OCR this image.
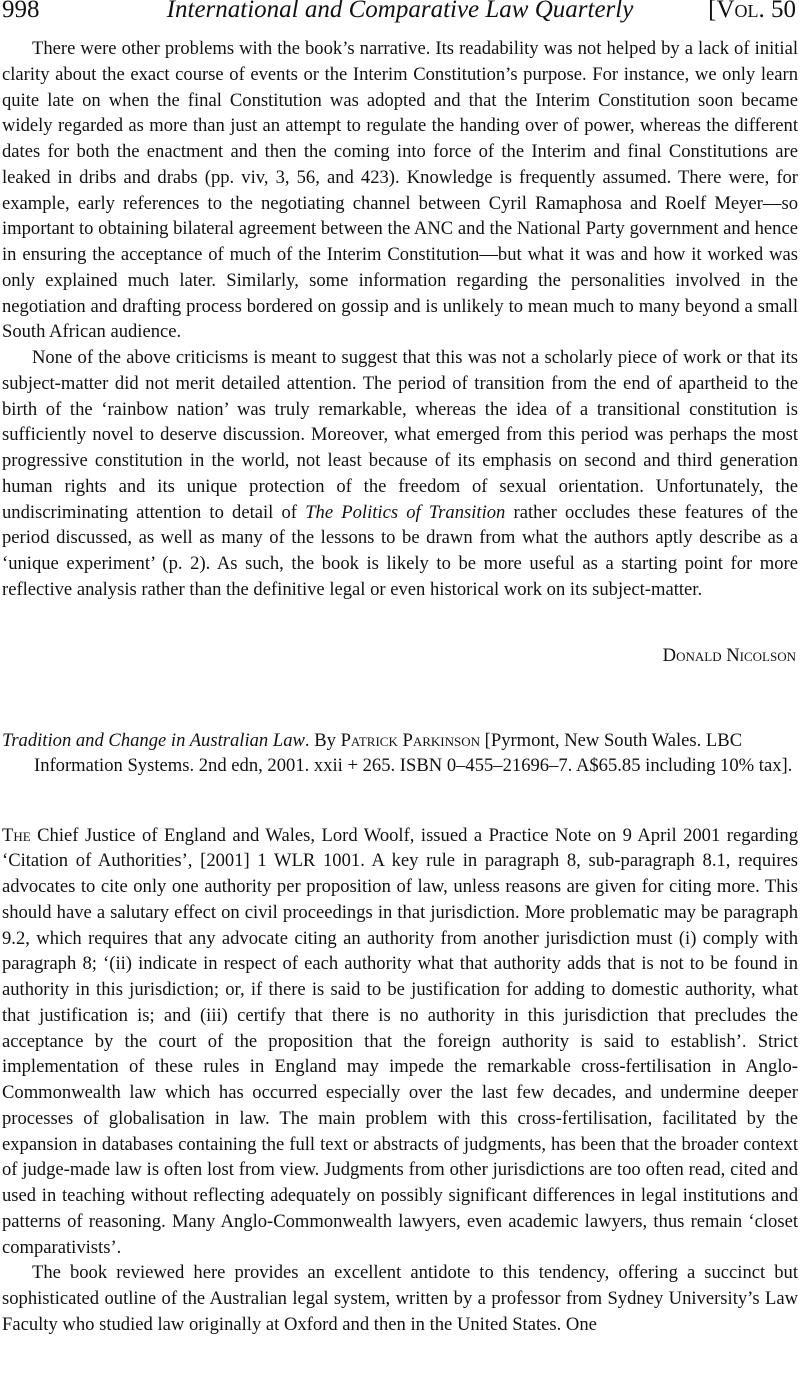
998	International and Comparative Law Quarterly	[Vol. 50

There were other problems with the book’s narrative. Its readability was not helped by a lack of initial clarity about the exact course of events or the Interim Constitution’s purpose. For instance, we only learn quite late on when the final Constitution was adopted and that the Interim Constitution soon became widely regarded as more than just an attempt to regulate the handing over of power, whereas the different dates for both the enactment and then the coming into force of the Interim and final Constitutions are leaked in dribs and drabs (pp. viv, 3, 56, and 423). Knowledge is frequently assumed. There were, for example, early references to the negotiating channel between Cyril Ramaphosa and Roelf Meyer—so important to obtaining bilateral agreement between the ANC and the National Party government and hence in ensuring the acceptance of much of the Interim Constitution—but what it was and how it worked was only explained much later. Similarly, some information regarding the personalities involved in the negotiation and drafting process bordered on gossip and is unlikely to mean much to many beyond a small South African audience.

None of the above criticisms is meant to suggest that this was not a scholarly piece of work or that its subject-matter did not merit detailed attention. The period of transition from the end of apartheid to the birth of the ‘rainbow nation’ was truly remarkable, whereas the idea of a transitional constitution is sufficiently novel to deserve discussion. Moreover, what emerged from this period was perhaps the most progressive constitution in the world, not least because of its emphasis on second and third generation human rights and its unique protection of the freedom of sexual orientation. Unfortunately, the undiscriminating attention to detail of The Politics of Transition rather occludes these features of the period discussed, as well as many of the lessons to be drawn from what the authors aptly describe as a ‘unique experiment’ (p. 2). As such, the book is likely to be more useful as a starting point for more reflective analysis rather than the definitive legal or even historical work on its subject-matter.

Donald Nicolson
Tradition and Change in Australian Law. By Patrick Parkinson [Pyrmont, New South Wales. LBC Information Systems. 2nd edn, 2001. xxii + 265. ISBN 0–455–21696–7. A$65.85 including 10% tax].

The Chief Justice of England and Wales, Lord Woolf, issued a Practice Note on 9 April 2001 regarding ‘Citation of Authorities’, [2001] 1 WLR 1001. A key rule in paragraph 8, sub-paragraph 8.1, requires advocates to cite only one authority per proposition of law, unless reasons are given for citing more. This should have a salutary effect on civil proceedings in that jurisdiction. More problematic may be paragraph 9.2, which requires that any advocate citing an authority from another jurisdiction must (i) comply with paragraph 8; ‘(ii) indicate in respect of each authority what that authority adds that is not to be found in authority in this jurisdiction; or, if there is said to be justification for adding to domestic authority, what that justification is; and (iii) certify that there is no authority in this jurisdiction that precludes the acceptance by the court of the proposition that the foreign authority is said to establish’. Strict implementation of these rules in England may impede the remarkable cross-fertilisation in Anglo-Commonwealth law which has occurred especially over the last few decades, and undermine deeper processes of globalisation in law. The main problem with this cross-fertilisation, facilitated by the expansion in databases containing the full text or abstracts of judgments, has been that the broader context of judge-made law is often lost from view. Judgments from other jurisdictions are too often read, cited and used in teaching without reflecting adequately on possibly significant differences in legal institutions and patterns of reasoning. Many Anglo-Commonwealth lawyers, even academic lawyers, thus remain ‘closet comparativists’.

The book reviewed here provides an excellent antidote to this tendency, offering a succinct but sophisticated outline of the Australian legal system, written by a professor from Sydney University’s Law Faculty who studied law originally at Oxford and then in the United States. One
